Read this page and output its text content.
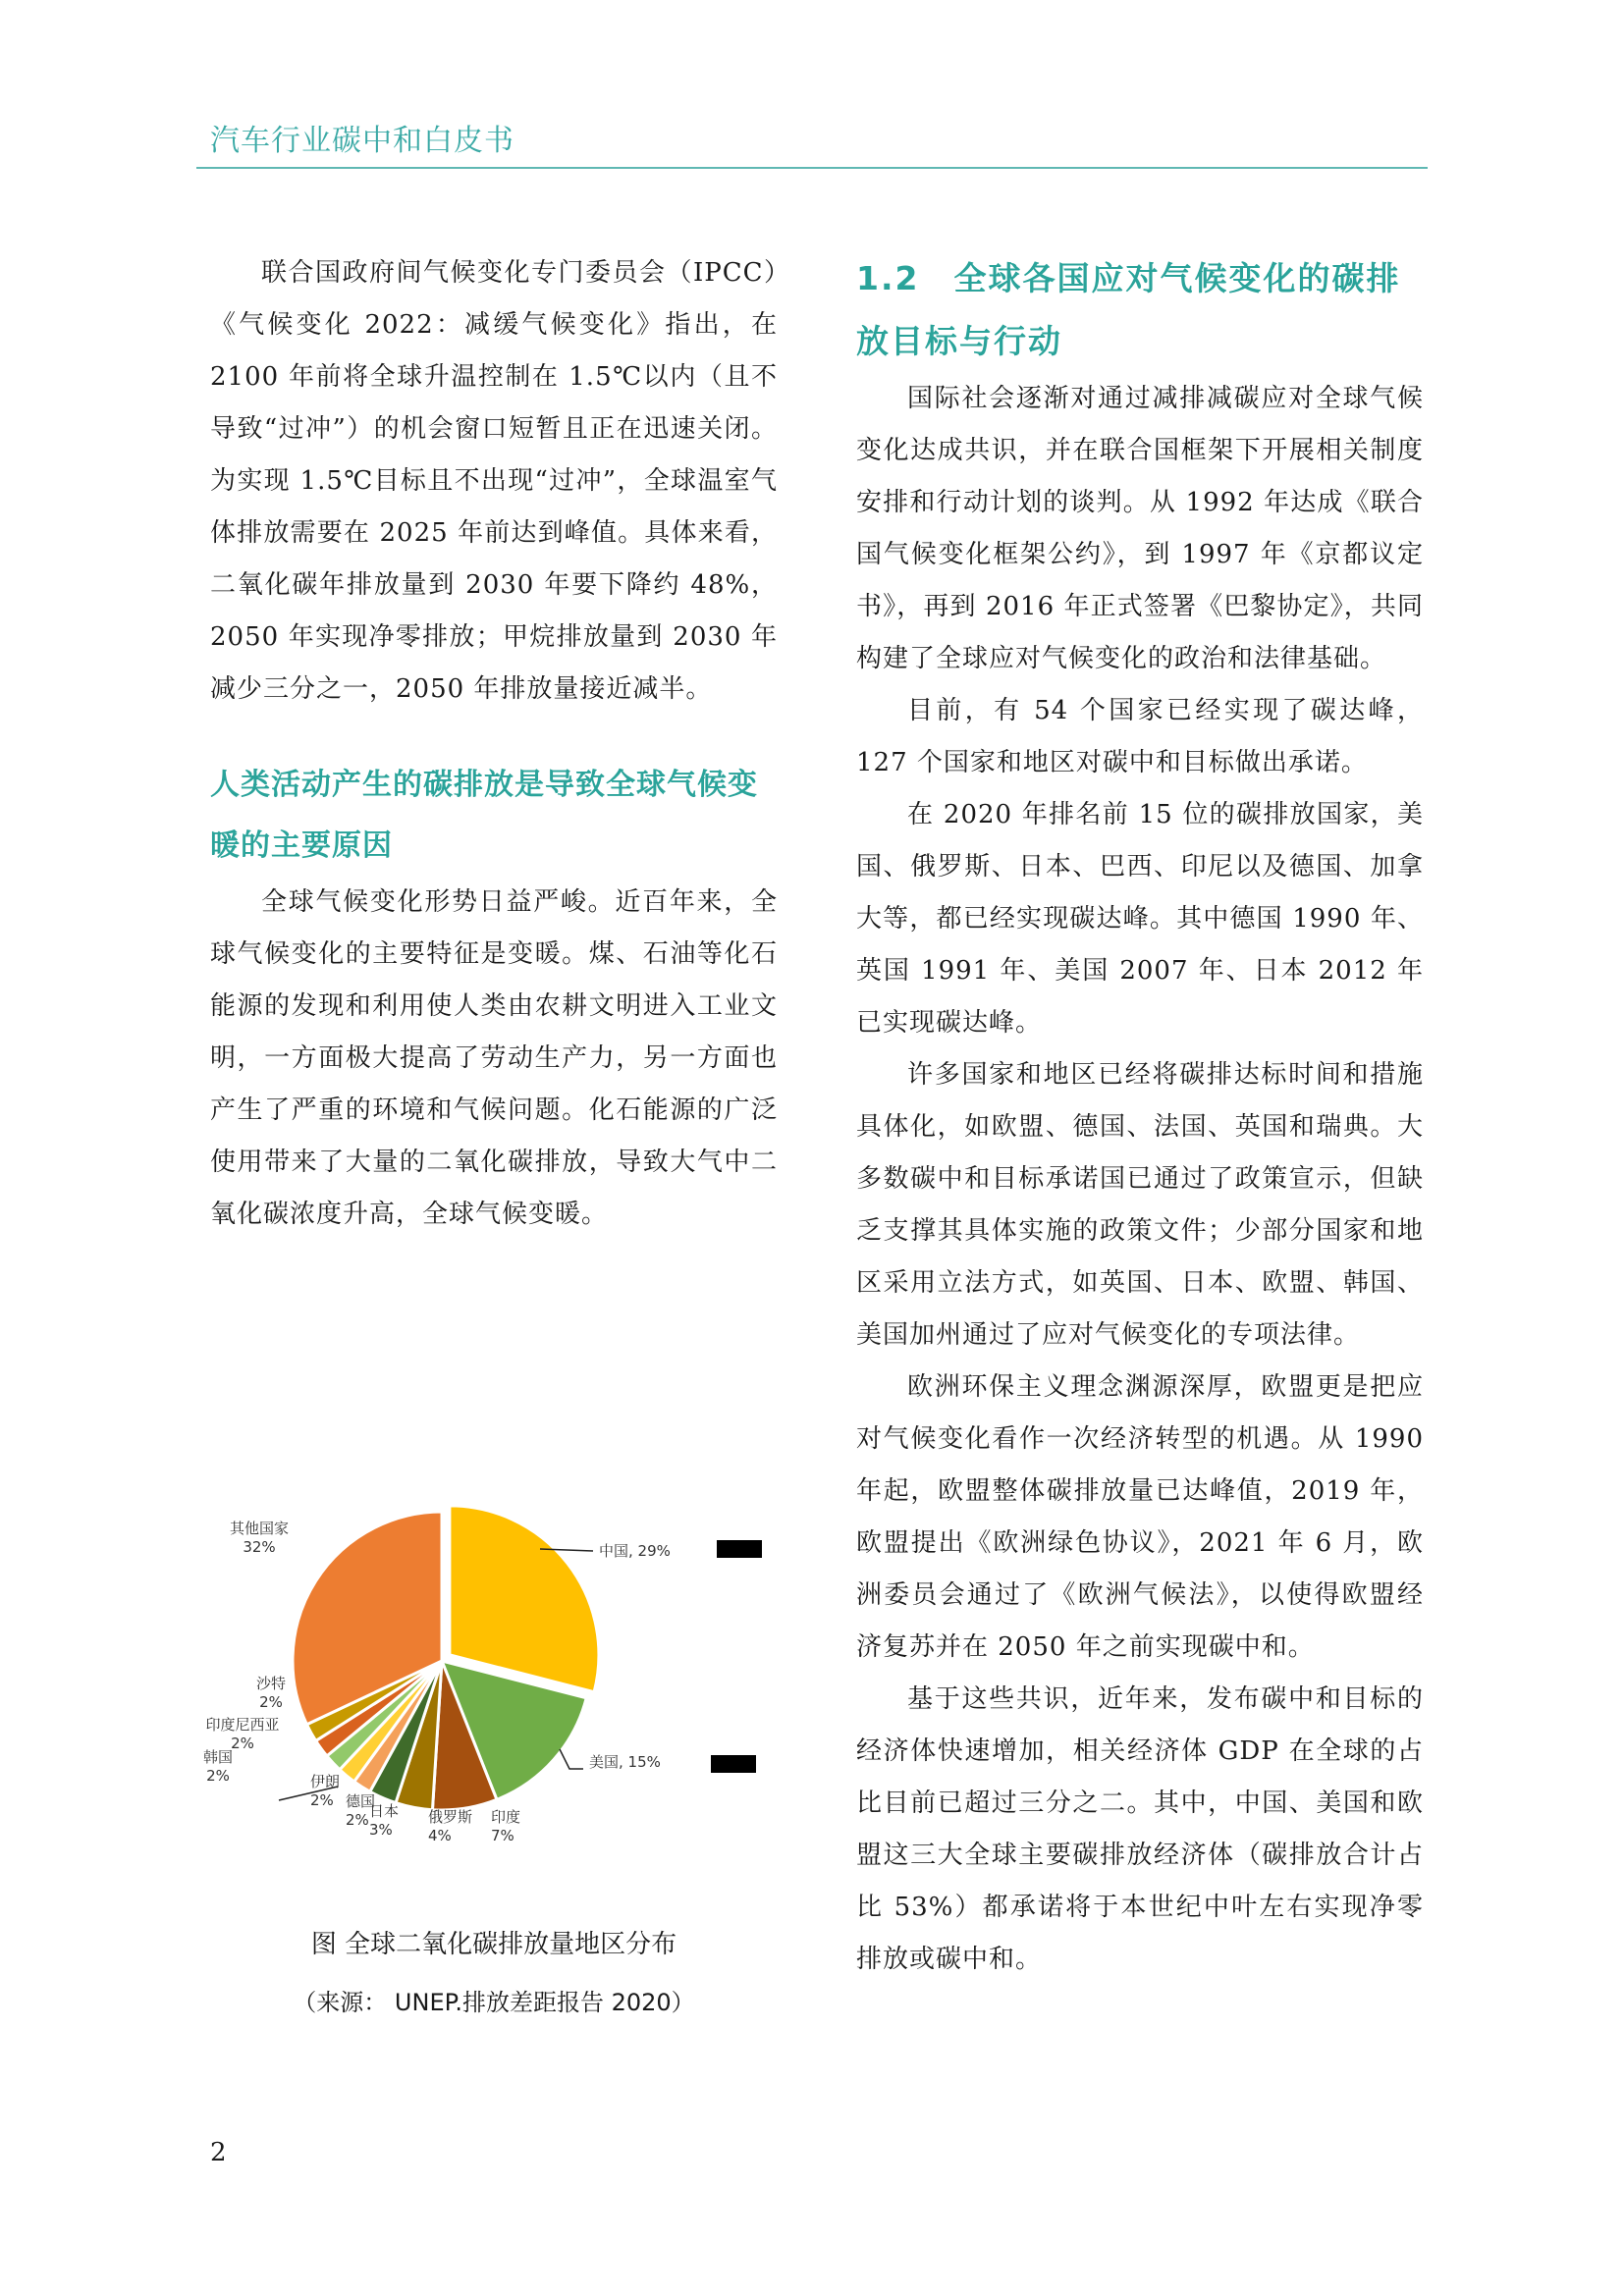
汽车行业碳中和白皮书

联合国政府间气候变化专门委员会（IPCC）《气候变化 2022：减缓气候变化》指出，在 2100 年前将全球升温控制在 1.5℃以内（且不导致“过冲”）的机会窗口短暂且正在迅速关闭。为实现 1.5℃目标且不出现“过冲”，全球温室气体排放需要在 2025 年前达到峰值。具体来看，二氧化碳年排放量到 2030 年要下降约 48%，2050 年实现净零排放；甲烷排放量到 2030 年减少三分之一，2050 年排放量接近减半。

人类活动产生的碳排放是导致全球气候变暖的主要原因

全球气候变化形势日益严峻。近百年来，全球气候变化的主要特征是变暖。煤、石油等化石能源的发现和利用使人类由农耕文明进入工业文明，一方面极大提高了劳动生产力，另一方面也产生了严重的环境和气候问题。化石能源的广泛使用带来了大量的二氧化碳排放，导致大气中二氧化碳浓度升高，全球气候变暖。

中国, 29%
美国, 15%
印度 7%
俄罗斯 4%
日本 3%
德国 2%
伊朗 2%
韩国 2%
印度尼西亚 2%
沙特 2%
其他国家 32%
图 全球二氧化碳排放量地区分布
（来源： UNEP.排放差距报告 2020）
1.2　全球各国应对气候变化的碳排放目标与行动

国际社会逐渐对通过减排减碳应对全球气候变化达成共识，并在联合国框架下开展相关制度安排和行动计划的谈判。从 1992 年达成《联合国气候变化框架公约》，到 1997 年《京都议定书》，再到 2016 年正式签署《巴黎协定》，共同构建了全球应对气候变化的政治和法律基础。

目前，有 54 个国家已经实现了碳达峰，127 个国家和地区对碳中和目标做出承诺。

在 2020 年排名前 15 位的碳排放国家，美国、俄罗斯、日本、巴西、印尼以及德国、加拿大等，都已经实现碳达峰。其中德国 1990 年、英国 1991 年、美国 2007 年、日本 2012 年已实现碳达峰。

许多国家和地区已经将碳排达标时间和措施具体化，如欧盟、德国、法国、英国和瑞典。大多数碳中和目标承诺国已通过了政策宣示，但缺乏支撑其具体实施的政策文件；少部分国家和地区采用立法方式，如英国、日本、欧盟、韩国、美国加州通过了应对气候变化的专项法律。

欧洲环保主义理念渊源深厚，欧盟更是把应对气候变化看作一次经济转型的机遇。从 1990 年起，欧盟整体碳排放量已达峰值，2019 年，欧盟提出《欧洲绿色协议》，2021 年 6 月，欧洲委员会通过了《欧洲气候法》，以使得欧盟经济复苏并在 2050 年之前实现碳中和。

基于这些共识，近年来，发布碳中和目标的经济体快速增加，相关经济体 GDP 在全球的占比目前已超过三分之二。其中，中国、美国和欧盟这三大全球主要碳排放经济体（碳排放合计占比 53%）都承诺将于本世纪中叶左右实现净零排放或碳中和。

2
